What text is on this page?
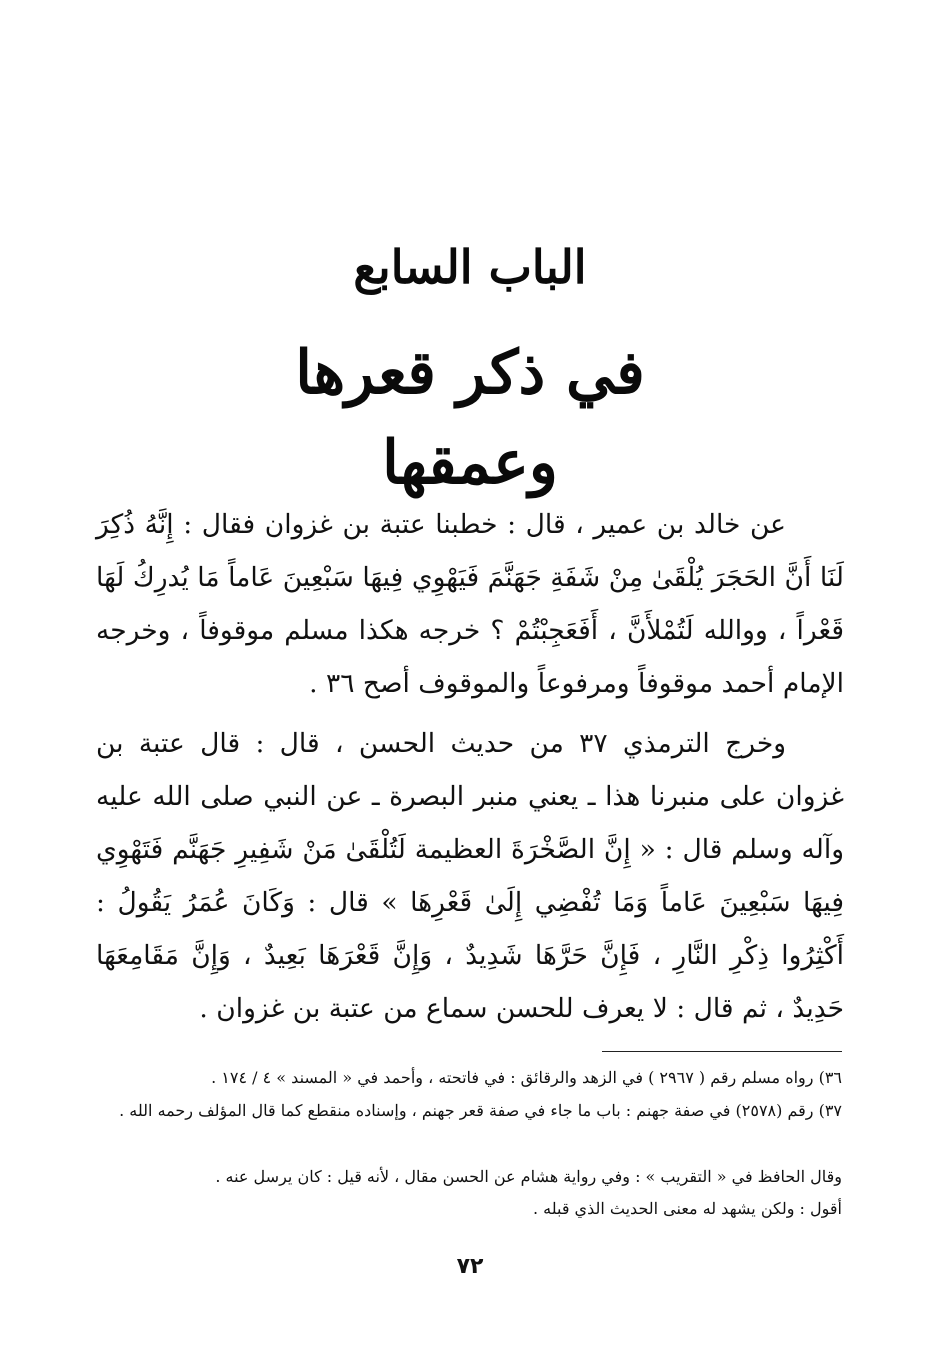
الباب السابع
في ذكر قعرها وعمقها

عن خالد بن عمير ، قال : خطبنا عتبة بن غزوان فقال : إِنَّهُ ذُكِرَ لَنَا أَنَّ الحَجَرَ يُلْقَىٰ مِنْ شَفَةِ جَهَنَّمَ فَيَهْوِي فِيهَا سَبْعِينَ عَاماً مَا يُدرِكُ لَهَا قَعْراً ، ووالله لَتُمْلأَنَّ ، أَفَعَجِبْتُمْ ؟ خرجه هكذا مسلم موقوفاً ، وخرجه الإمام أحمد موقوفاً ومرفوعاً والموقوف أصح ٣٦ .

وخرج الترمذي ٣٧ من حديث الحسن ، قال : قال عتبة بن غزوان على منبرنا هذا ـ يعني منبر البصرة ـ عن النبي صلى الله عليه وآله وسلم قال : « إِنَّ الصَّخْرَةَ العظيمة لَتُلْقَىٰ مَنْ شَفِيرِ جَهَنَّم فَتَهْوِي فِيهَا سَبْعِينَ عَاماً وَمَا تُفْضِي إِلَىٰ قَعْرِهَا » قال : وَكَانَ عُمَرُ يَقُولُ : أَكْثِرُوا ذِكْرِ النَّارِ ، فَإِنَّ حَرَّهَا شَدِيدٌ ، وَإِنَّ قَعْرَهَا بَعِيدٌ ، وَإِنَّ مَقَامِعَهَا حَدِيدٌ ، ثم قال : لا يعرف للحسن سماع من عتبة بن غزوان .

٣٦) رواه مسلم رقم ( ٢٩٦٧ ) في الزهد والرقائق : في فاتحته ، وأحمد في « المسند » ٤ / ١٧٤ .

٣٧) رقم (٢٥٧٨) في صفة جهنم : باب ما جاء في صفة قعر جهنم ، وإسناده منقطع كما قال المؤلف رحمه الله .

وقال الحافظ في « التقريب » : وفي رواية هشام عن الحسن مقال ، لأنه قيل : كان يرسل عنه .

أقول : ولكن يشهد له معنى الحديث الذي قبله .

٧٢
